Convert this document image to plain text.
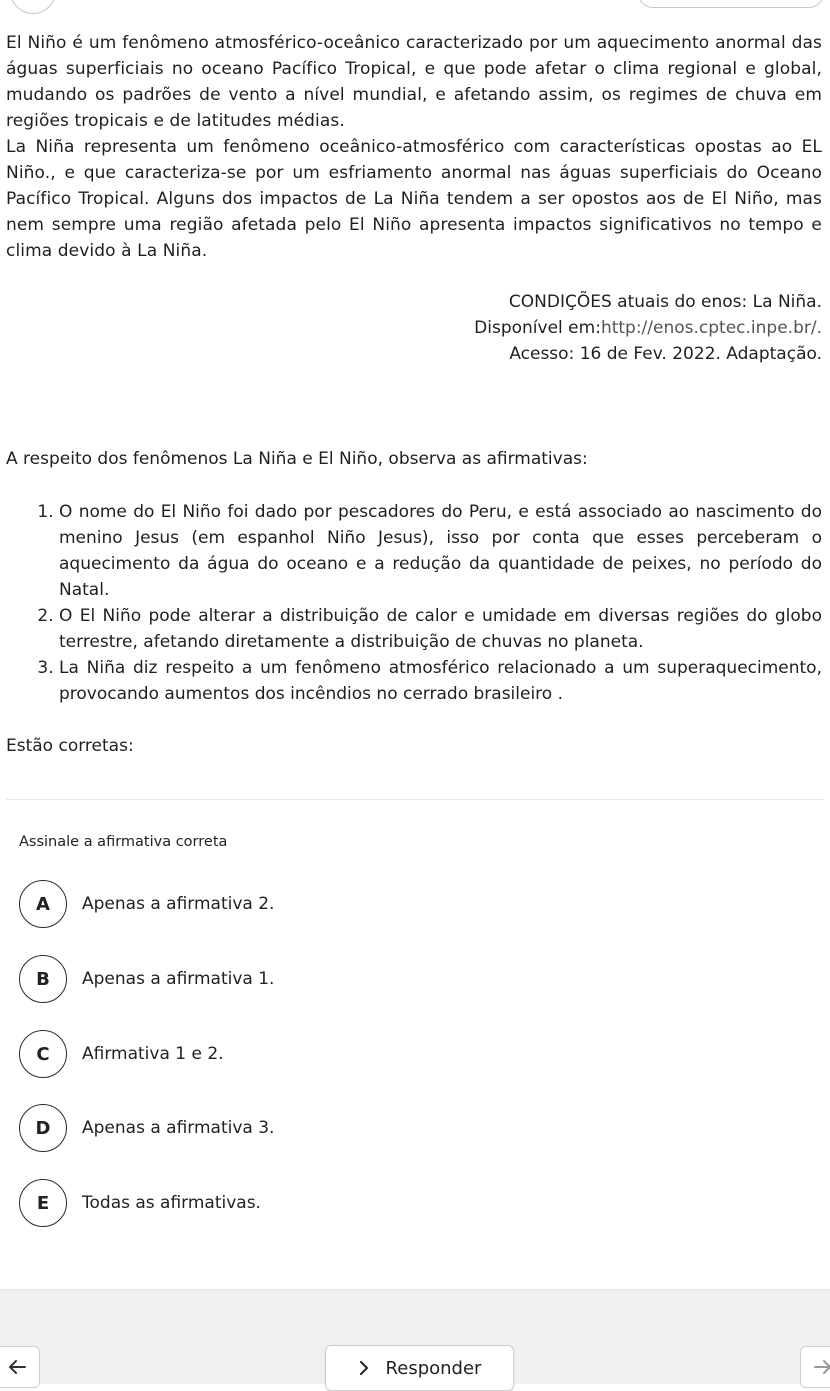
El Niño é um fenômeno atmosférico-oceânico caracterizado por um aquecimento anormal das águas superficiais no oceano Pacífico Tropical, e que pode afetar o clima regional e global, mudando os padrões de vento a nível mundial, e afetando assim, os regimes de chuva em regiões tropicais e de latitudes médias.

La Niña representa um fenômeno oceânico-atmosférico com características opostas ao EL Niño., e que caracteriza-se por um esfriamento anormal nas águas superficiais do Oceano Pacífico Tropical. Alguns dos impactos de La Niña tendem a ser opostos aos de El Niño, mas nem sempre uma região afetada pelo El Niño apresenta impactos significativos no tempo e clima devido à La Niña.

CONDIÇÕES atuais do enos: La Niña.
Disponível em:http://enos.cptec.inpe.br/.
Acesso: 16 de Fev. 2022. Adaptação.
A respeito dos fenômenos La Niña e El Niño, observa as afirmativas:
1. O nome do El Niño foi dado por pescadores do Peru, e está associado ao nascimento do menino Jesus (em espanhol Niño Jesus), isso por conta que esses perceberam o aquecimento da água do oceano e a redução da quantidade de peixes, no período do Natal.
2. O El Niño pode alterar a distribuição de calor e umidade em diversas regiões do globo terrestre, afetando diretamente a distribuição de chuvas no planeta.
3. La Niña diz respeito a um fenômeno atmosférico relacionado a um superaquecimento, provocando aumentos dos incêndios no cerrado brasileiro .
Estão corretas:
Assinale a afirmativa correta
A	Apenas a afirmativa 2.
B	Apenas a afirmativa 1.
C	Afirmativa 1 e 2.
D	Apenas a afirmativa 3.
E	Todas as afirmativas.
Responder
